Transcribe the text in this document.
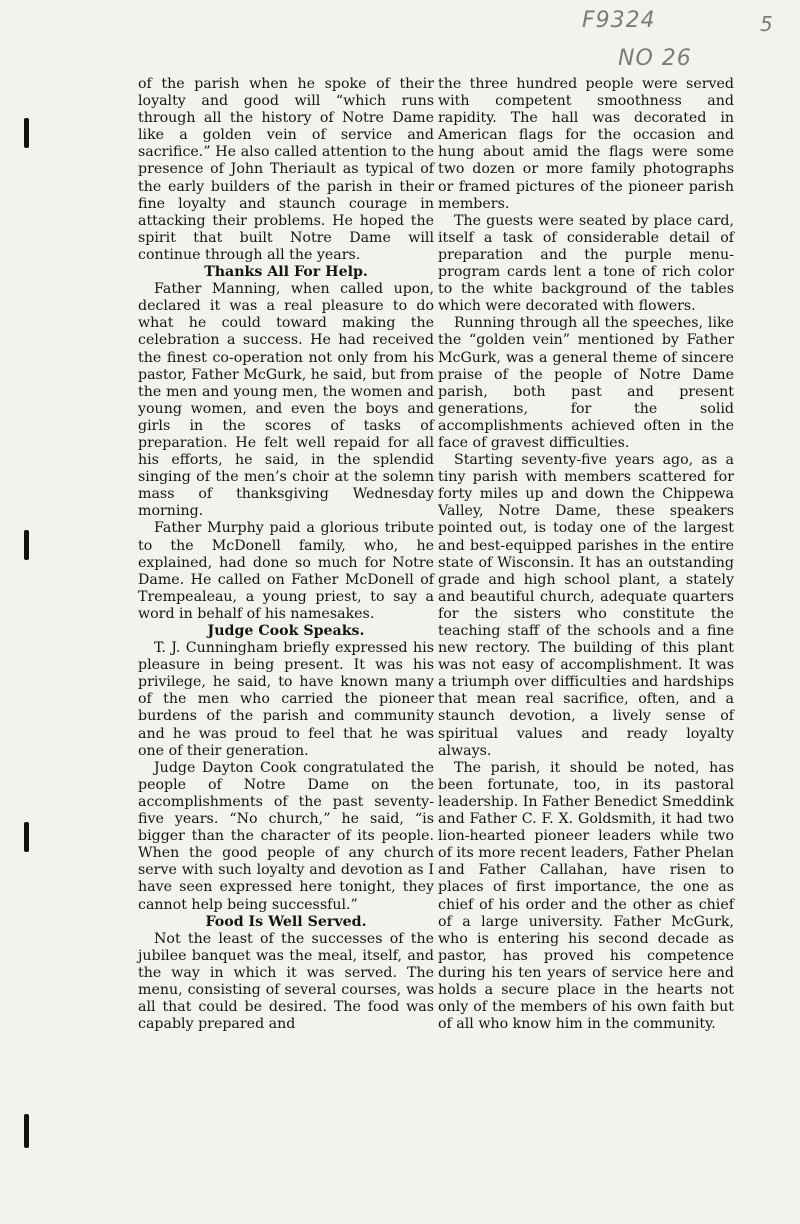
F9324	5
NO 26

of the parish when he spoke of their loyalty and good will “which runs through all the history of Notre Dame like a golden vein of service and sacrifice.” He also called attention to the presence of John Theriault as typical of the early builders of the parish in their fine loyalty and staunch courage in attacking their problems. He hoped the spirit that built Notre Dame will continue through all the years.

Thanks All For Help.

Father Manning, when called upon, declared it was a real pleasure to do what he could toward making the celebration a success. He had received the finest co-operation not only from his pastor, Father McGurk, he said, but from the men and young men, the women and young women, and even the boys and girls in the scores of tasks of preparation. He felt well repaid for all his efforts, he said, in the splendid singing of the men’s choir at the solemn mass of thanksgiving Wednesday morning.

Father Murphy paid a glorious tribute to the McDonell family, who, he explained, had done so much for Notre Dame. He called on Father McDonell of Trempealeau, a young priest, to say a word in behalf of his namesakes.

Judge Cook Speaks.

T. J. Cunningham briefly expressed his pleasure in being present. It was his privilege, he said, to have known many of the men who carried the pioneer burdens of the parish and community and he was proud to feel that he was one of their generation.

Judge Dayton Cook congratulated the people of Notre Dame on the accomplishments of the past seventy-five years. “No church,” he said, “is bigger than the character of its people. When the good people of any church serve with such loyalty and devotion as I have seen expressed here tonight, they cannot help being successful.”

Food Is Well Served.

Not the least of the successes of the jubilee banquet was the meal, itself, and the way in which it was served. The menu, consisting of several courses, was all that could be desired. The food was capably prepared and

the three hundred people were served with competent smoothness and rapidity. The hall was decorated in American flags for the occasion and hung about amid the flags were some two dozen or more family photographs or framed pictures of the pioneer parish members.

The guests were seated by place card, itself a task of considerable detail of preparation and the purple menu-program cards lent a tone of rich color to the white background of the tables which were decorated with flowers.

Running through all the speeches, like the “golden vein” mentioned by Father McGurk, was a general theme of sincere praise of the people of Notre Dame parish, both past and present generations, for the solid accomplishments achieved often in the face of gravest difficulties.

Starting seventy-five years ago, as a tiny parish with members scattered for forty miles up and down the Chippewa Valley, Notre Dame, these speakers pointed out, is today one of the largest and best-equipped parishes in the entire state of Wisconsin. It has an outstanding grade and high school plant, a stately and beautiful church, adequate quarters for the sisters who constitute the teaching staff of the schools and a fine new rectory. The building of this plant was not easy of accomplishment. It was a triumph over difficulties and hardships that mean real sacrifice, often, and a staunch devotion, a lively sense of spiritual values and ready loyalty always.

The parish, it should be noted, has been fortunate, too, in its pastoral leadership. In Father Benedict Smeddink and Father C. F. X. Goldsmith, it had two lion-hearted pioneer leaders while two of its more recent leaders, Father Phelan and Father Callahan, have risen to places of first importance, the one as chief of his order and the other as chief of a large university. Father McGurk, who is entering his second decade as pastor, has proved his competence during his ten years of service here and holds a secure place in the hearts not only of the members of his own faith but of all who know him in the community.
